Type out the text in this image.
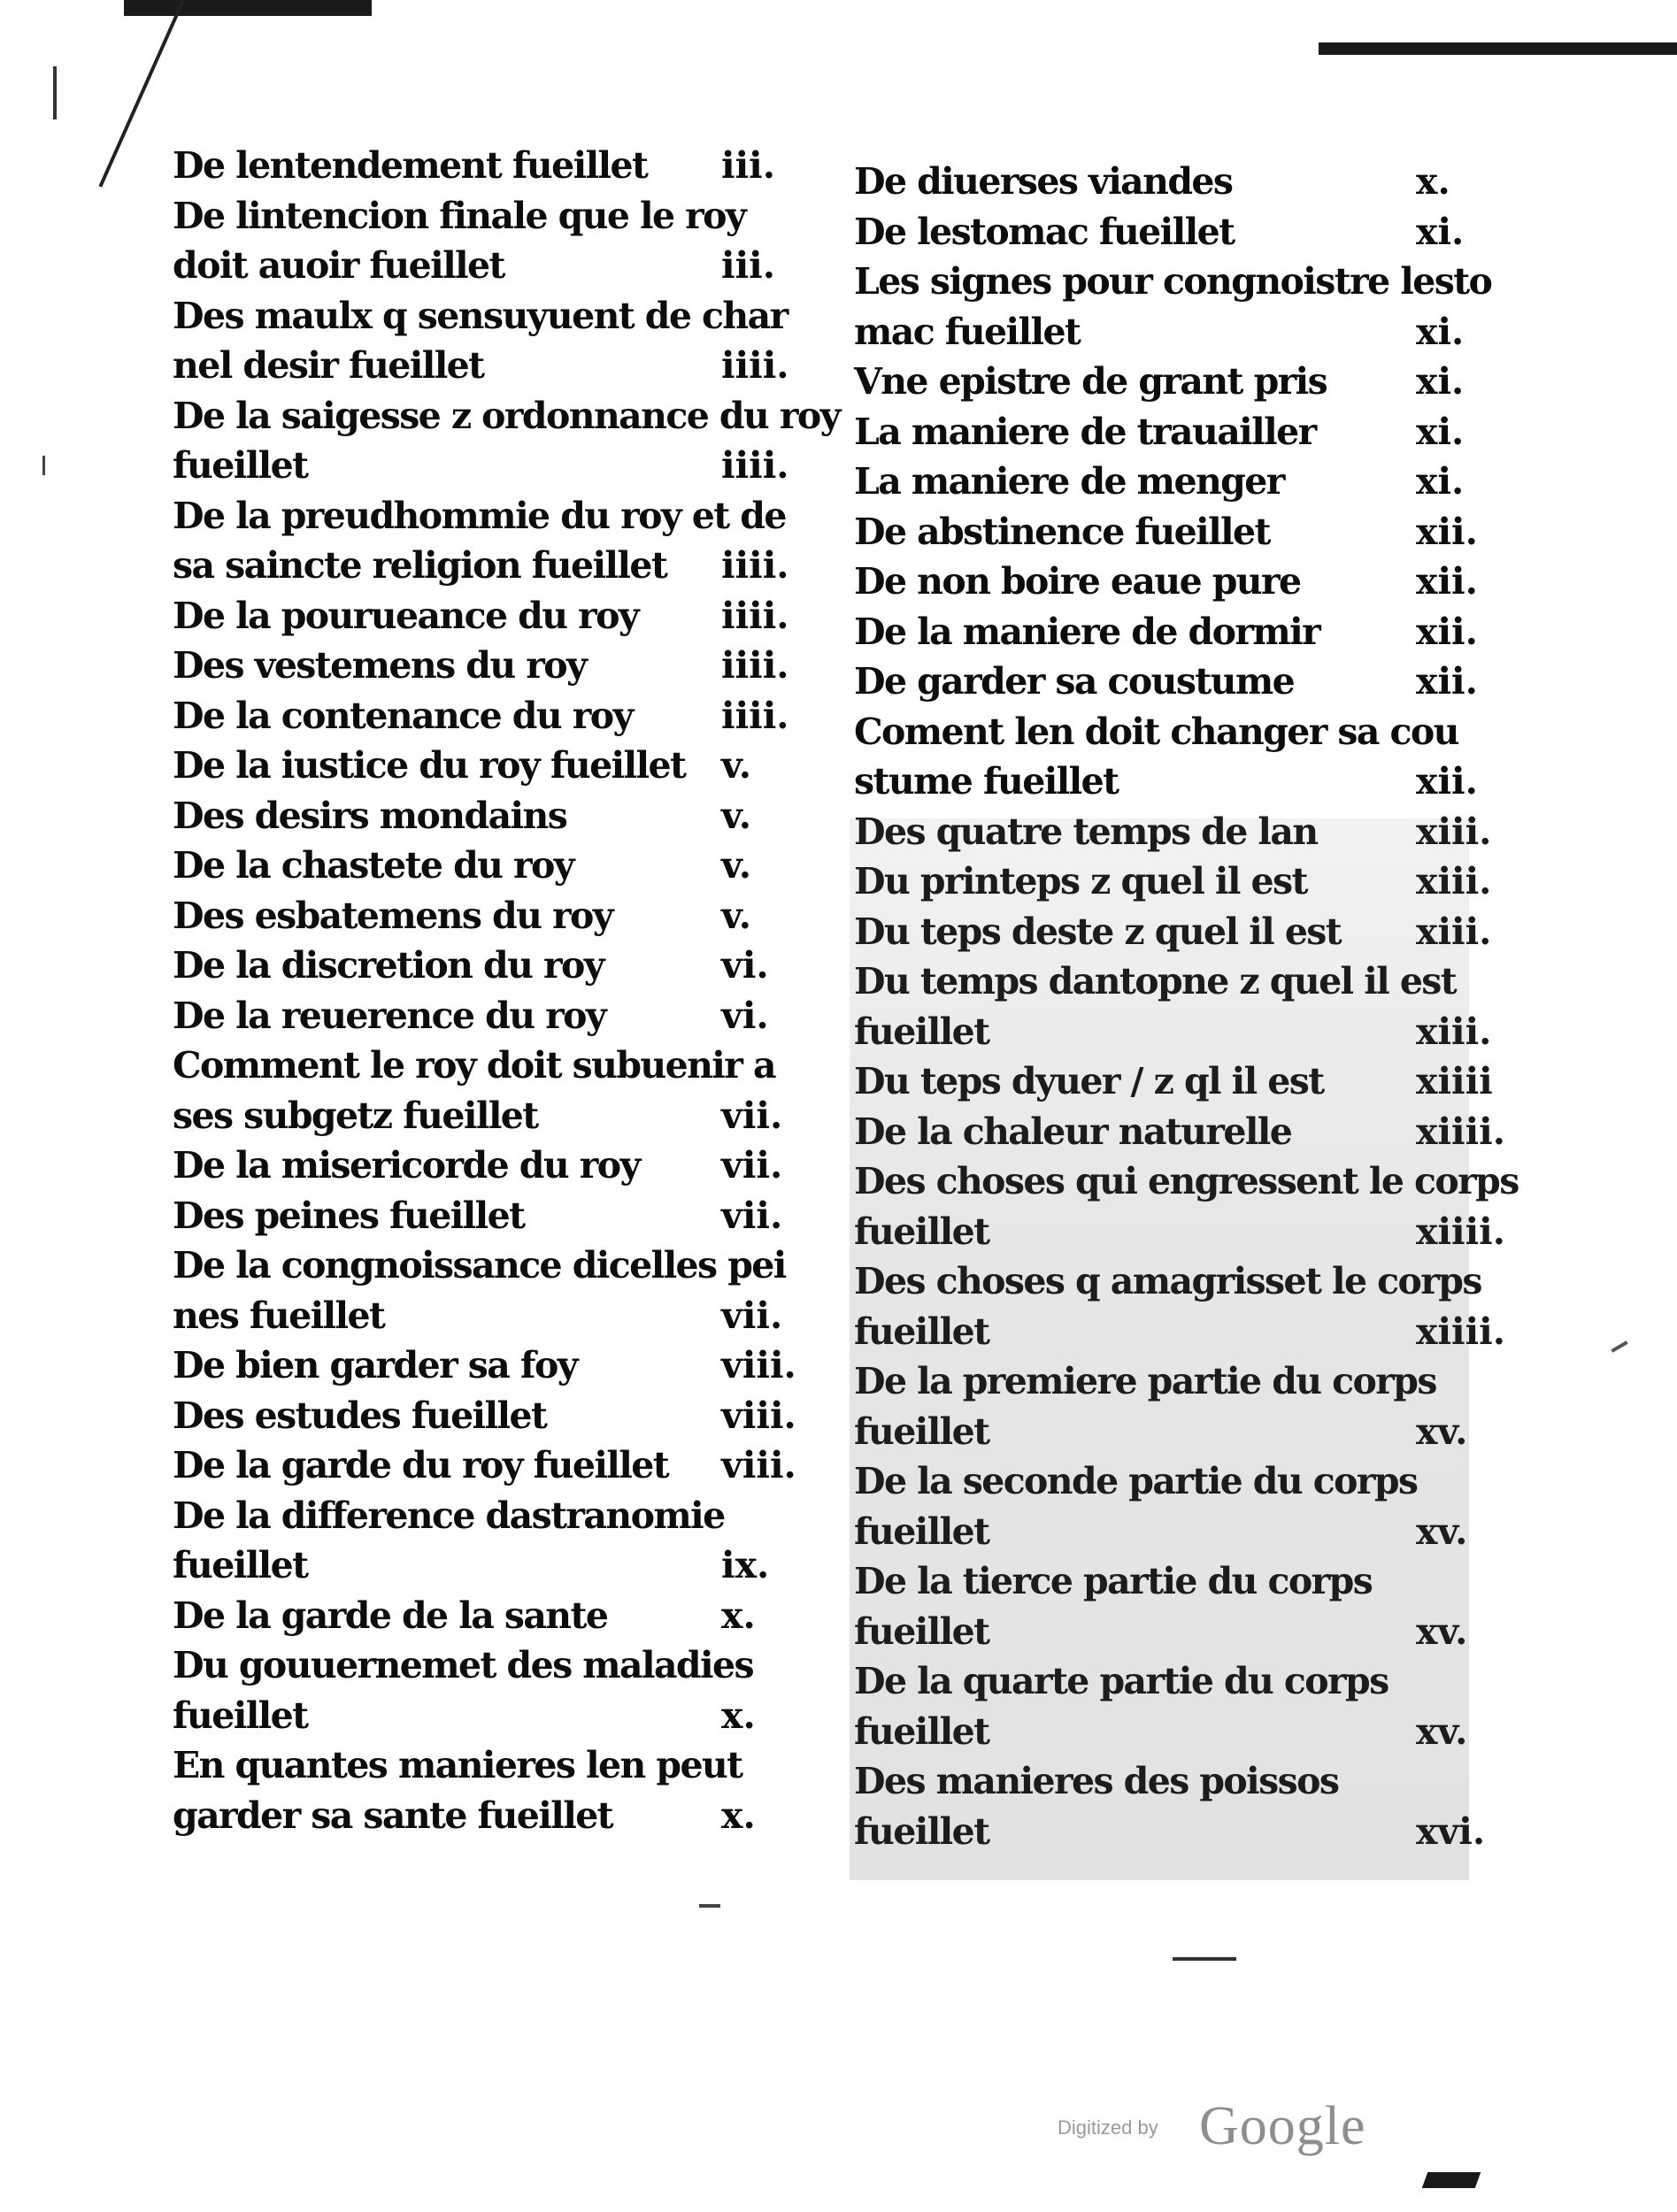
De lentendement fueillet	iii.
De lintencion finale que le roy
doit auoir fueillet	iii.
Des maulx q sensuyuent de char
nel desir fueillet	iiii.
De la saigesse z ordonnance du roy
fueillet	iiii.
De la preudhommie du roy et de
sa saincte religion fueillet	iiii.
De la pourueance du roy	iiii.
Des vestemens du roy	iiii.
De la contenance du roy	iiii.
De la iustice du roy fueillet v.
Des desirs mondains	v.
De la chastete du roy	v.
Des esbatemens du roy	v.
De la discretion du roy	vi.
De la reuerence du roy	vi.
Comment le roy doit subuenir a
ses subgetz fueillet	vii.
De la misericorde du roy	vii.
Des peines fueillet	vii.
De la congnoissance dicelles pei
nes fueillet	vii.
De bien garder sa foy	viii.
Des estudes fueillet	viii.
De la garde du roy fueillet	viii.
De la difference dastranomie
fueillet	ix.
De la garde de la sante	x.
Du gouuernemet des maladies
fueillet	x.
En quantes manieres len peut
garder sa sante fueillet	x.
De diuerses viandes	x.
De lestomac fueillet	xi.
Les signes pour congnoistre lesto
mac fueillet	xi.
Vne epistre de grant pris	xi.
La maniere de trauailler	xi.
La maniere de menger	xi.
De abstinence fueillet	xii.
De non boire eaue pure	xii.
De la maniere de dormir	xii.
De garder sa coustume	xii.
Coment len doit changer sa cou
stume fueillet	xii.
Des quatre temps de lan	xiii.
Du printeps z quel il est	xiii.
Du teps deste z quel il est	xiii.
Du temps dantopne z quel il est
fueillet	xiii.
Du teps dyuer / z ql il est	xiiii
De la chaleur naturelle	xiiii.
Des choses qui engressent le corps
fueillet	xiiii.
Des choses q amagrisset le corps
fueillet	xiiii.
De la premiere partie du corps
fueillet	xv.
De la seconde partie du corps
fueillet	xv.
De la tierce partie du corps
fueillet	xv.
De la quarte partie du corps
fueillet	xv.
Des manieres des poissos
fueillet	xvi.
Digitized by Google
